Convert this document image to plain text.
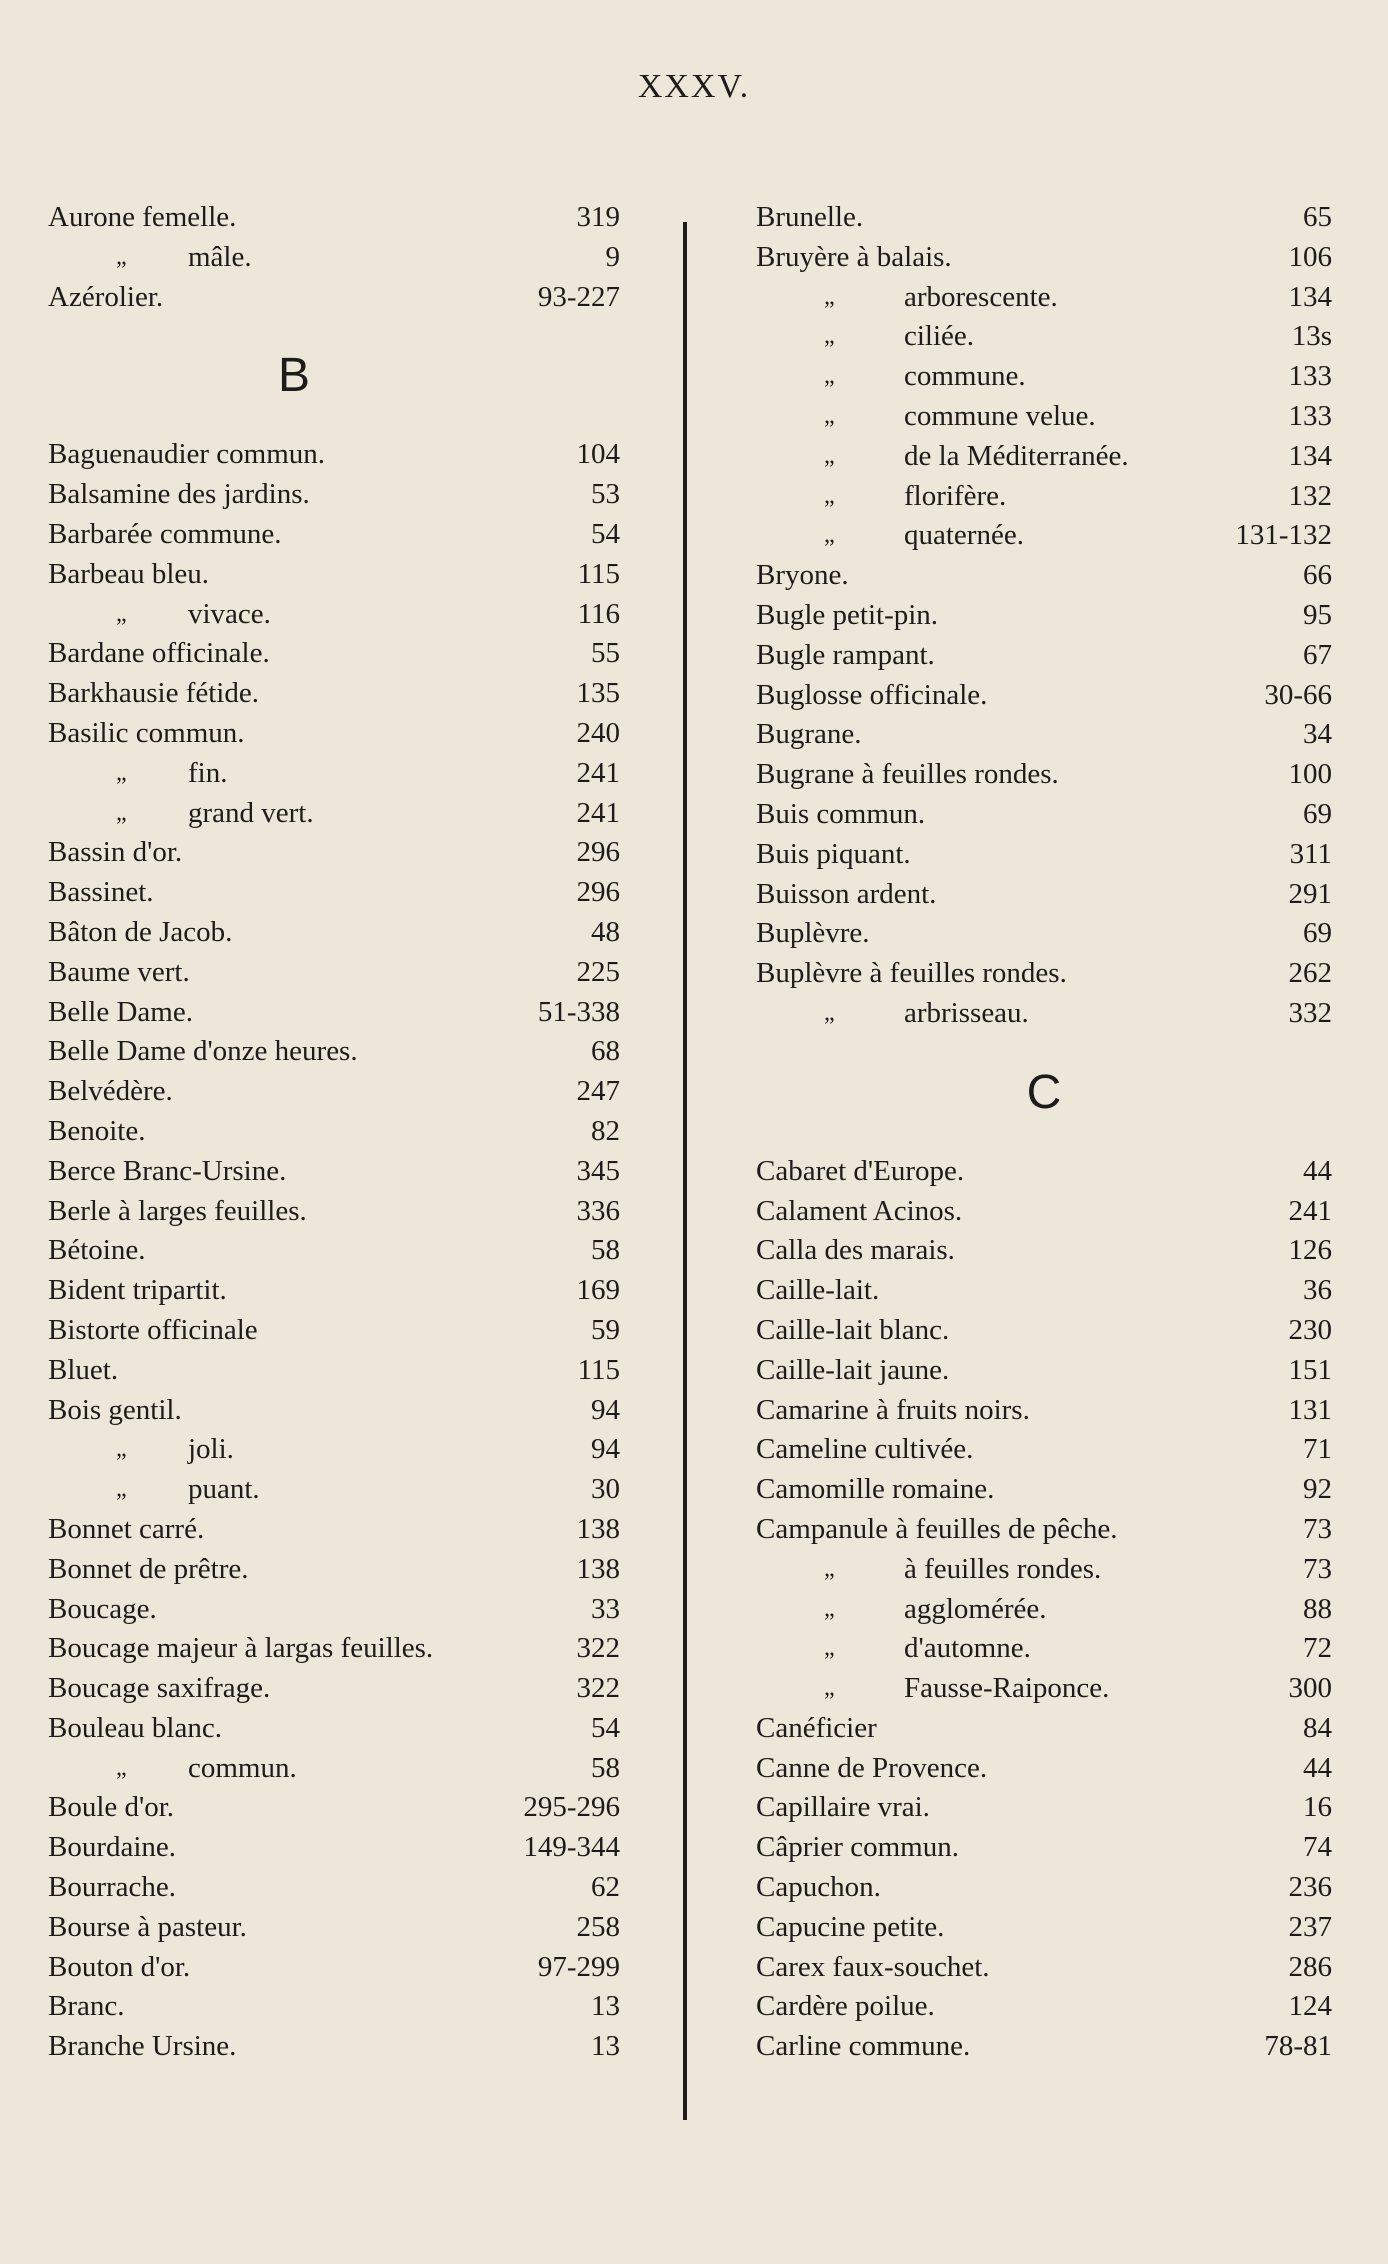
XXXV.
Aurone femelle.	319
„ mâle.	9
Azérolier.	93-227
B
Baguenaudier commun.	104
Balsamine des jardins.	53
Barbarée commune.	54
Barbeau bleu.	115
„ vivace.	116
Bardane officinale.	55
Barkhausie fétide.	135
Basilic commun.	240
„ fin.	241
„ grand vert.	241
Bassin d'or.	296
Bassinet.	296
Bâton de Jacob.	48
Baume vert.	225
Belle Dame.	51-338
Belle Dame d'onze heures.	68
Belvédère.	247
Benoite.	82
Berce Branc-Ursine.	345
Berle à larges feuilles.	336
Bétoine.	58
Bident tripartit.	169
Bistorte officinale	59
Bluet.	115
Bois gentil.	94
„ joli.	94
„ puant.	30
Bonnet carré.	138
Bonnet de prêtre.	138
Boucage.	33
Boucage majeur à largas feuilles.	322
Boucage saxifrage.	322
Bouleau blanc.	54
„ commun.	58
Boule d'or.	295-296
Bourdaine.	149-344
Bourrache.	62
Bourse à pasteur.	258
Bouton d'or.	97-299
Branc.	13
Branche Ursine.	13
Brunelle.	65
Bruyère à balais.	106
„ arborescente.	134
„ ciliée.	13s
„ commune.	133
„ commune velue.	133
„ de la Méditerranée.	134
„ florifère.	132
„ quaternée.	131-132
Bryone.	66
Bugle petit-pin.	95
Bugle rampant.	67
Buglosse officinale.	30-66
Bugrane.	34
Bugrane à feuilles rondes.	100
Buis commun.	69
Buis piquant.	311
Buisson ardent.	291
Buplèvre.	69
Buplèvre à feuilles rondes.	262
„ arbrisseau.	332
C
Cabaret d'Europe.	44
Calament Acinos.	241
Calla des marais.	126
Caille-lait.	36
Caille-lait blanc.	230
Caille-lait jaune.	151
Camarine à fruits noirs.	131
Cameline cultivée.	71
Camomille romaine.	92
Campanule à feuilles de pêche.	73
„ à feuilles rondes.	73
„ agglomérée.	88
„ d'automne.	72
„ Fausse-Raiponce.	300
Canéficier	84
Canne de Provence.	44
Capillaire vrai.	16
Câprier commun.	74
Capuchon.	236
Capucine petite.	237
Carex faux-souchet.	286
Cardère poilue.	124
Carline commune.	78-81
